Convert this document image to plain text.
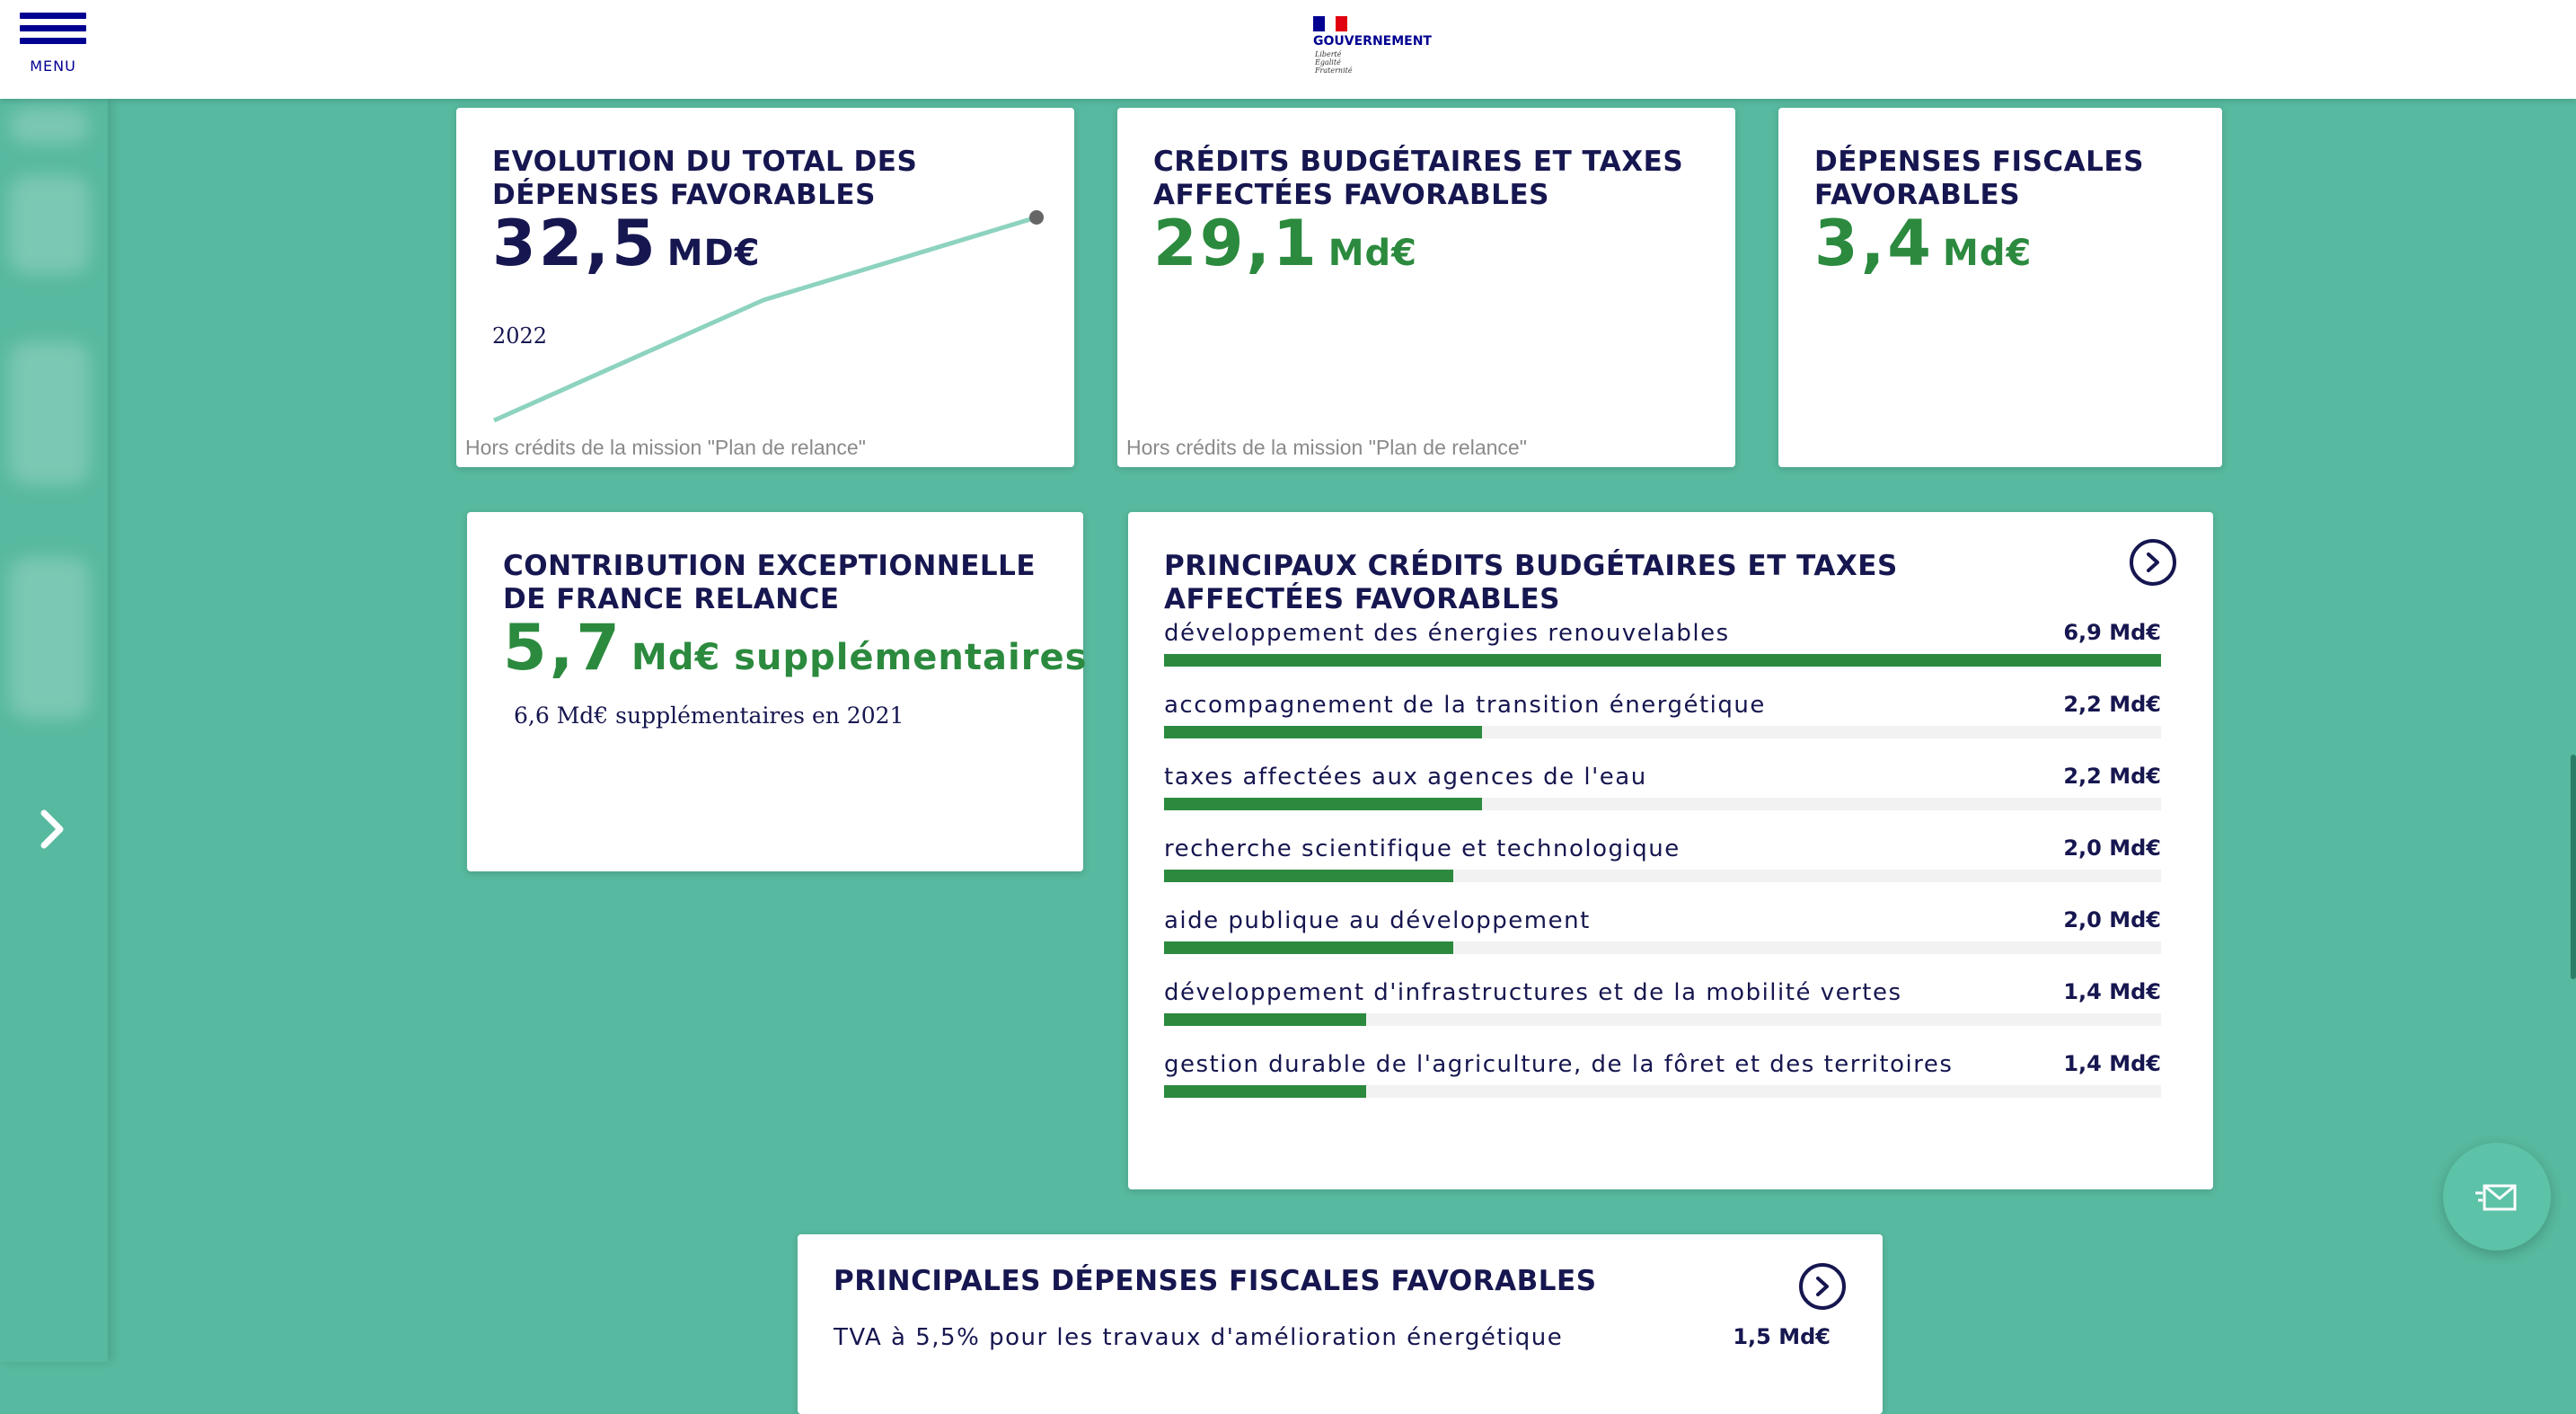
MENU
GOUVERNEMENT
Liberté
Égalité
Fraternité
EVOLUTION DU TOTAL DES DÉPENSES FAVORABLES
32,5 MD€
2022
Hors crédits de la mission "Plan de relance"
CRÉDITS BUDGÉTAIRES ET TAXES AFFECTÉES FAVORABLES
29,1 Md€
Hors crédits de la mission "Plan de relance"
DÉPENSES FISCALES FAVORABLES
3,4 Md€
CONTRIBUTION EXCEPTIONNELLE DE FRANCE RELANCE
5,7 Md€ supplémentaires
6,6 Md€ supplémentaires en 2021
PRINCIPAUX CRÉDITS BUDGÉTAIRES ET TAXES AFFECTÉES FAVORABLES
développement des énergies renouvelables	6,9 Md€
accompagnement de la transition énergétique	2,2 Md€
taxes affectées aux agences de l'eau	2,2 Md€
recherche scientifique et technologique	2,0 Md€
aide publique au développement	2,0 Md€
développement d'infrastructures et de la mobilité vertes	1,4 Md€
gestion durable de l'agriculture, de la fôret et des territoires	1,4 Md€
PRINCIPALES DÉPENSES FISCALES FAVORABLES
TVA à 5,5% pour les travaux d'amélioration énergétique	1,5 Md€
